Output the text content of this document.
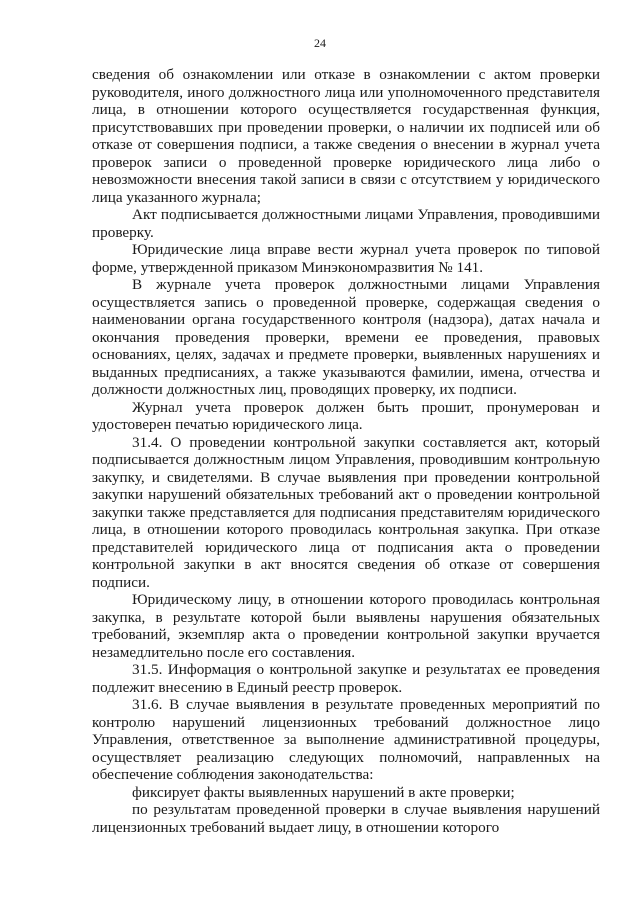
24

сведения об ознакомлении или отказе в ознакомлении с актом проверки руководителя, иного должностного лица или уполномоченного представителя лица, в отношении которого осуществляется государственная функция, присутствовавших при проведении проверки, о наличии их подписей или об отказе от совершения подписи, а также сведения о внесении в журнал учета проверок записи о проведенной проверке юридического лица либо о невозможности внесения такой записи в связи с отсутствием у юридического лица указанного журнала;

Акт подписывается должностными лицами Управления, проводившими проверку.

Юридические лица вправе вести журнал учета проверок по типовой форме, утвержденной приказом Минэкономразвития № 141.

В журнале учета проверок должностными лицами Управления осуществляется запись о проведенной проверке, содержащая сведения о наименовании органа государственного контроля (надзора), датах начала и окончания проведения проверки, времени ее проведения, правовых основаниях, целях, задачах и предмете проверки, выявленных нарушениях и выданных предписаниях, а также указываются фамилии, имена, отчества и должности должностных лиц, проводящих проверку, их подписи.

Журнал учета проверок должен быть прошит, пронумерован и удостоверен печатью юридического лица.

31.4. О проведении контрольной закупки составляется акт, который подписывается должностным лицом Управления, проводившим контрольную закупку, и свидетелями. В случае выявления при проведении контрольной закупки нарушений обязательных требований акт о проведении контрольной закупки также представляется для подписания представителям юридического лица, в отношении которого проводилась контрольная закупка. При отказе представителей юридического лица от подписания акта о проведении контрольной закупки в акт вносятся сведения об отказе от совершения подписи.

Юридическому лицу, в отношении которого проводилась контрольная закупка, в результате которой были выявлены нарушения обязательных требований, экземпляр акта о проведении контрольной закупки вручается незамедлительно после его составления.

31.5. Информация о контрольной закупке и результатах ее проведения подлежит внесению в Единый реестр проверок.

31.6. В случае выявления в результате проведенных мероприятий по контролю нарушений лицензионных требований должностное лицо Управления, ответственное за выполнение административной процедуры, осуществляет реализацию следующих полномочий, направленных на обеспечение соблюдения законодательства:

фиксирует факты выявленных нарушений в акте проверки;

по результатам проведенной проверки в случае выявления нарушений лицензионных требований выдает лицу, в отношении которого
